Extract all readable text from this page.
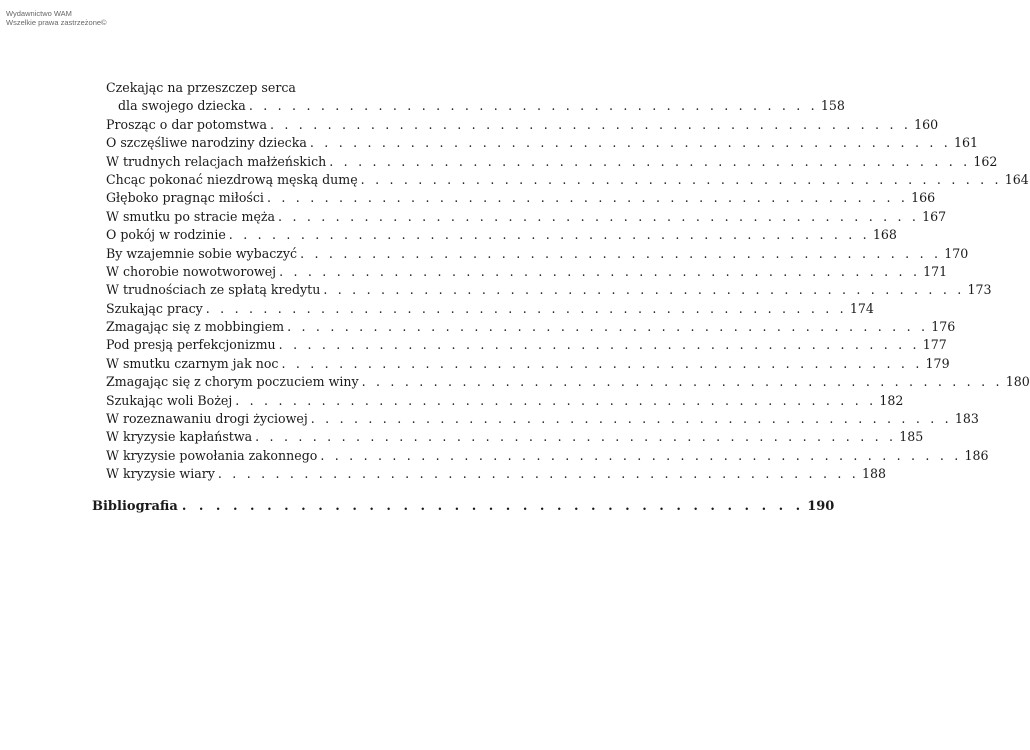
Wydawnictwo WAM
Wszelkie prawa zastrzeżone©
Czekając na przeszczep serca
dla swojego dziecka . . . . . . . . . . . . . . . . . . . . . . . . . . . . . . . . . . . . . . . . 158
Prosząc o dar potomstwa . . . . . . . . . . . . . . . . . . . . . . . . . . . . . . . . . . . . . . . . . . . . . 160
O szczęśliwe narodziny dziecka . . . . . . . . . . . . . . . . . . . . . . . . . . . . . . . . . . . . . . . . . . . . . 161
W trudnych relacjach małżeńskich . . . . . . . . . . . . . . . . . . . . . . . . . . . . . . . . . . . . . . . . . . . . . 162
Chcąc pokonać niezdrową męską dumę . . . . . . . . . . . . . . . . . . . . . . . . . . . . . . . . . . . . . . . . . . . . . 164
Głęboko pragnąc miłości . . . . . . . . . . . . . . . . . . . . . . . . . . . . . . . . . . . . . . . . . . . . . 166
W smutku po stracie męża . . . . . . . . . . . . . . . . . . . . . . . . . . . . . . . . . . . . . . . . . . . . . 167
O pokój w rodzinie . . . . . . . . . . . . . . . . . . . . . . . . . . . . . . . . . . . . . . . . . . . . . 168
By wzajemnie sobie wybaczyć . . . . . . . . . . . . . . . . . . . . . . . . . . . . . . . . . . . . . . . . . . . . . 170
W chorobie nowotworowej . . . . . . . . . . . . . . . . . . . . . . . . . . . . . . . . . . . . . . . . . . . . . 171
W trudnościach ze spłatą kredytu . . . . . . . . . . . . . . . . . . . . . . . . . . . . . . . . . . . . . . . . . . . . . 173
Szukając pracy . . . . . . . . . . . . . . . . . . . . . . . . . . . . . . . . . . . . . . . . . . . . . 174
Zmagając się z mobbingiem . . . . . . . . . . . . . . . . . . . . . . . . . . . . . . . . . . . . . . . . . . . . . 176
Pod presją perfekcjonizmu . . . . . . . . . . . . . . . . . . . . . . . . . . . . . . . . . . . . . . . . . . . . . 177
W smutku czarnym jak noc . . . . . . . . . . . . . . . . . . . . . . . . . . . . . . . . . . . . . . . . . . . . . 179
Zmagając się z chorym poczuciem winy . . . . . . . . . . . . . . . . . . . . . . . . . . . . . . . . . . . . . . . . . . . . . 180
Szukając woli Bożej . . . . . . . . . . . . . . . . . . . . . . . . . . . . . . . . . . . . . . . . . . . . . 182
W rozeznawaniu drogi życiowej . . . . . . . . . . . . . . . . . . . . . . . . . . . . . . . . . . . . . . . . . . . . . 183
W kryzysie kapłaństwa . . . . . . . . . . . . . . . . . . . . . . . . . . . . . . . . . . . . . . . . . . . . . 185
W kryzysie powołania zakonnego . . . . . . . . . . . . . . . . . . . . . . . . . . . . . . . . . . . . . . . . . . . . . 186
W kryzysie wiary . . . . . . . . . . . . . . . . . . . . . . . . . . . . . . . . . . . . . . . . . . . . . 188
Bibliografia . . . . . . . . . . . . . . . . . . . . . . . . . . . . . . . . . . . . . 190
